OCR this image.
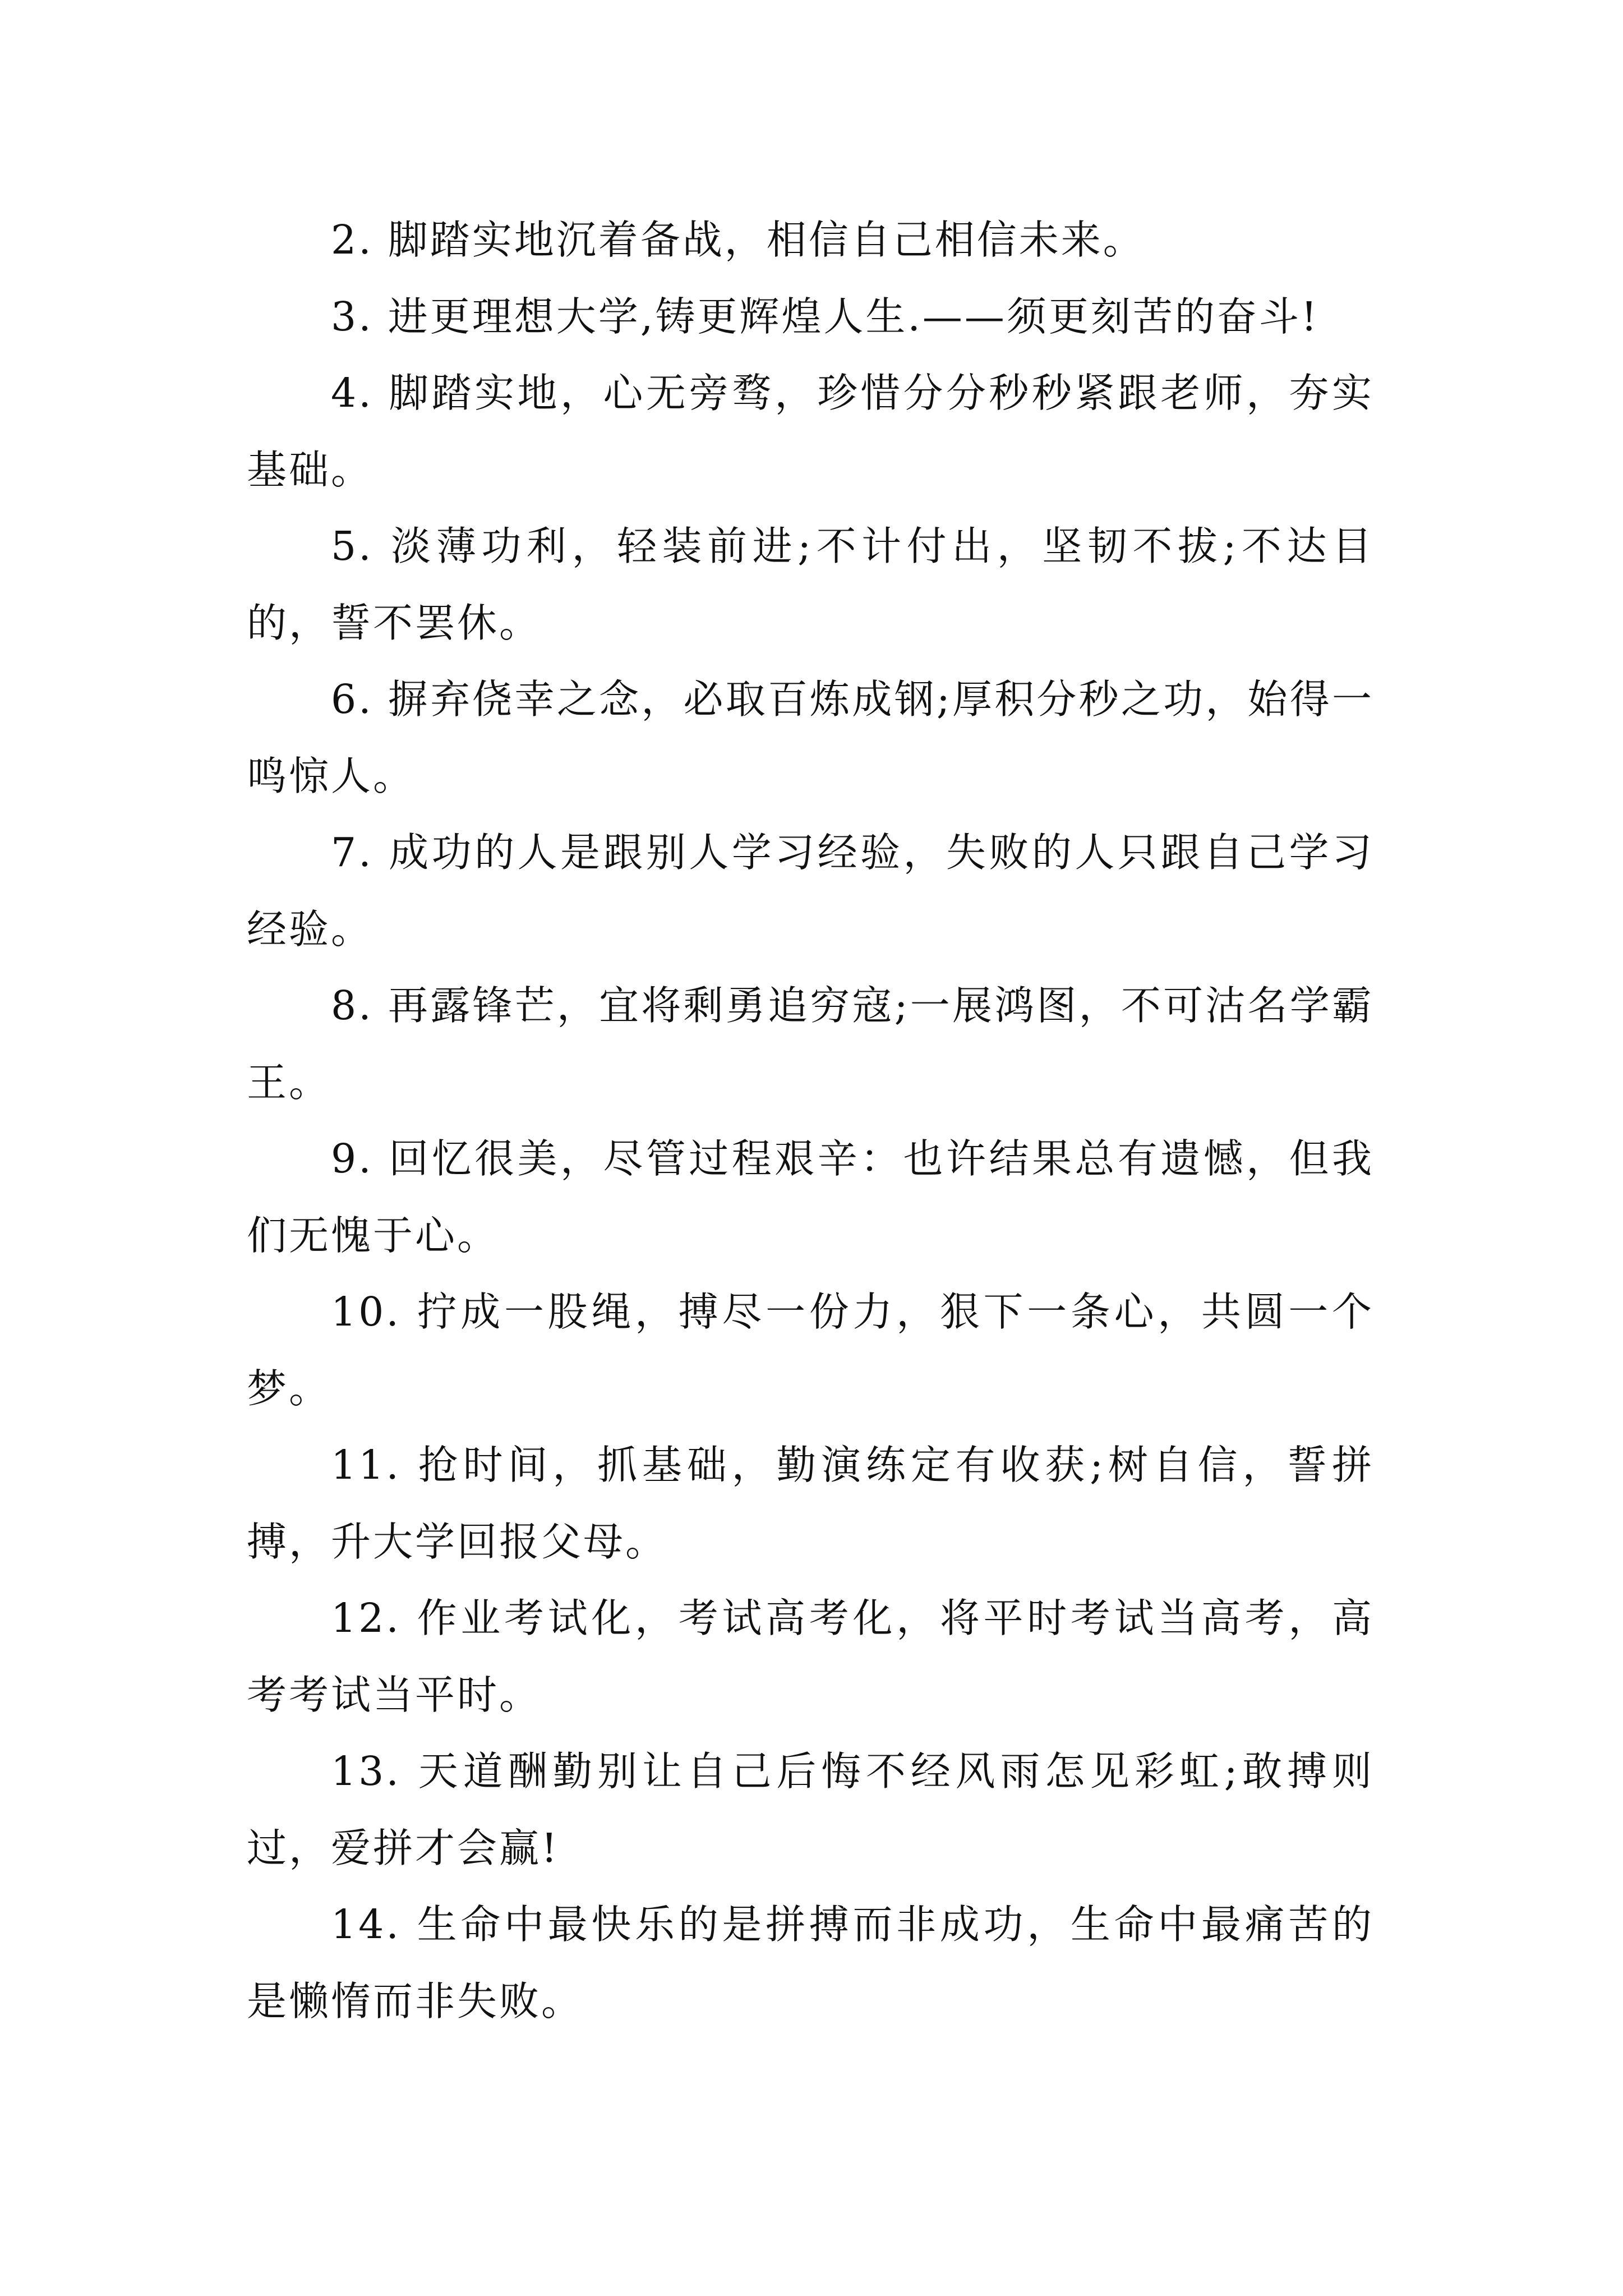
2. 脚踏实地沉着备战，相信自己相信未来。

3. 进更理想大学,铸更辉煌人生.——须更刻苦的奋斗!

4. 脚踏实地，心无旁骛，珍惜分分秒秒紧跟老师，夯实基础。

5. 淡薄功利，轻装前进;不计付出，坚韧不拔;不达目的，誓不罢休。

6. 摒弃侥幸之念，必取百炼成钢;厚积分秒之功，始得一鸣惊人。

7. 成功的人是跟别人学习经验，失败的人只跟自己学习经验。

8. 再露锋芒，宜将剩勇追穷寇;一展鸿图，不可沽名学霸王。

9. 回忆很美，尽管过程艰辛：也许结果总有遗憾，但我们无愧于心。

10. 拧成一股绳，搏尽一份力，狠下一条心，共圆一个梦。

11. 抢时间，抓基础，勤演练定有收获;树自信，誓拼搏，升大学回报父母。

12. 作业考试化，考试高考化，将平时考试当高考，高考考试当平时。

13. 天道酬勤别让自己后悔不经风雨怎见彩虹;敢搏则过，爱拼才会赢!

14. 生命中最快乐的是拼搏而非成功，生命中最痛苦的是懒惰而非失败。
